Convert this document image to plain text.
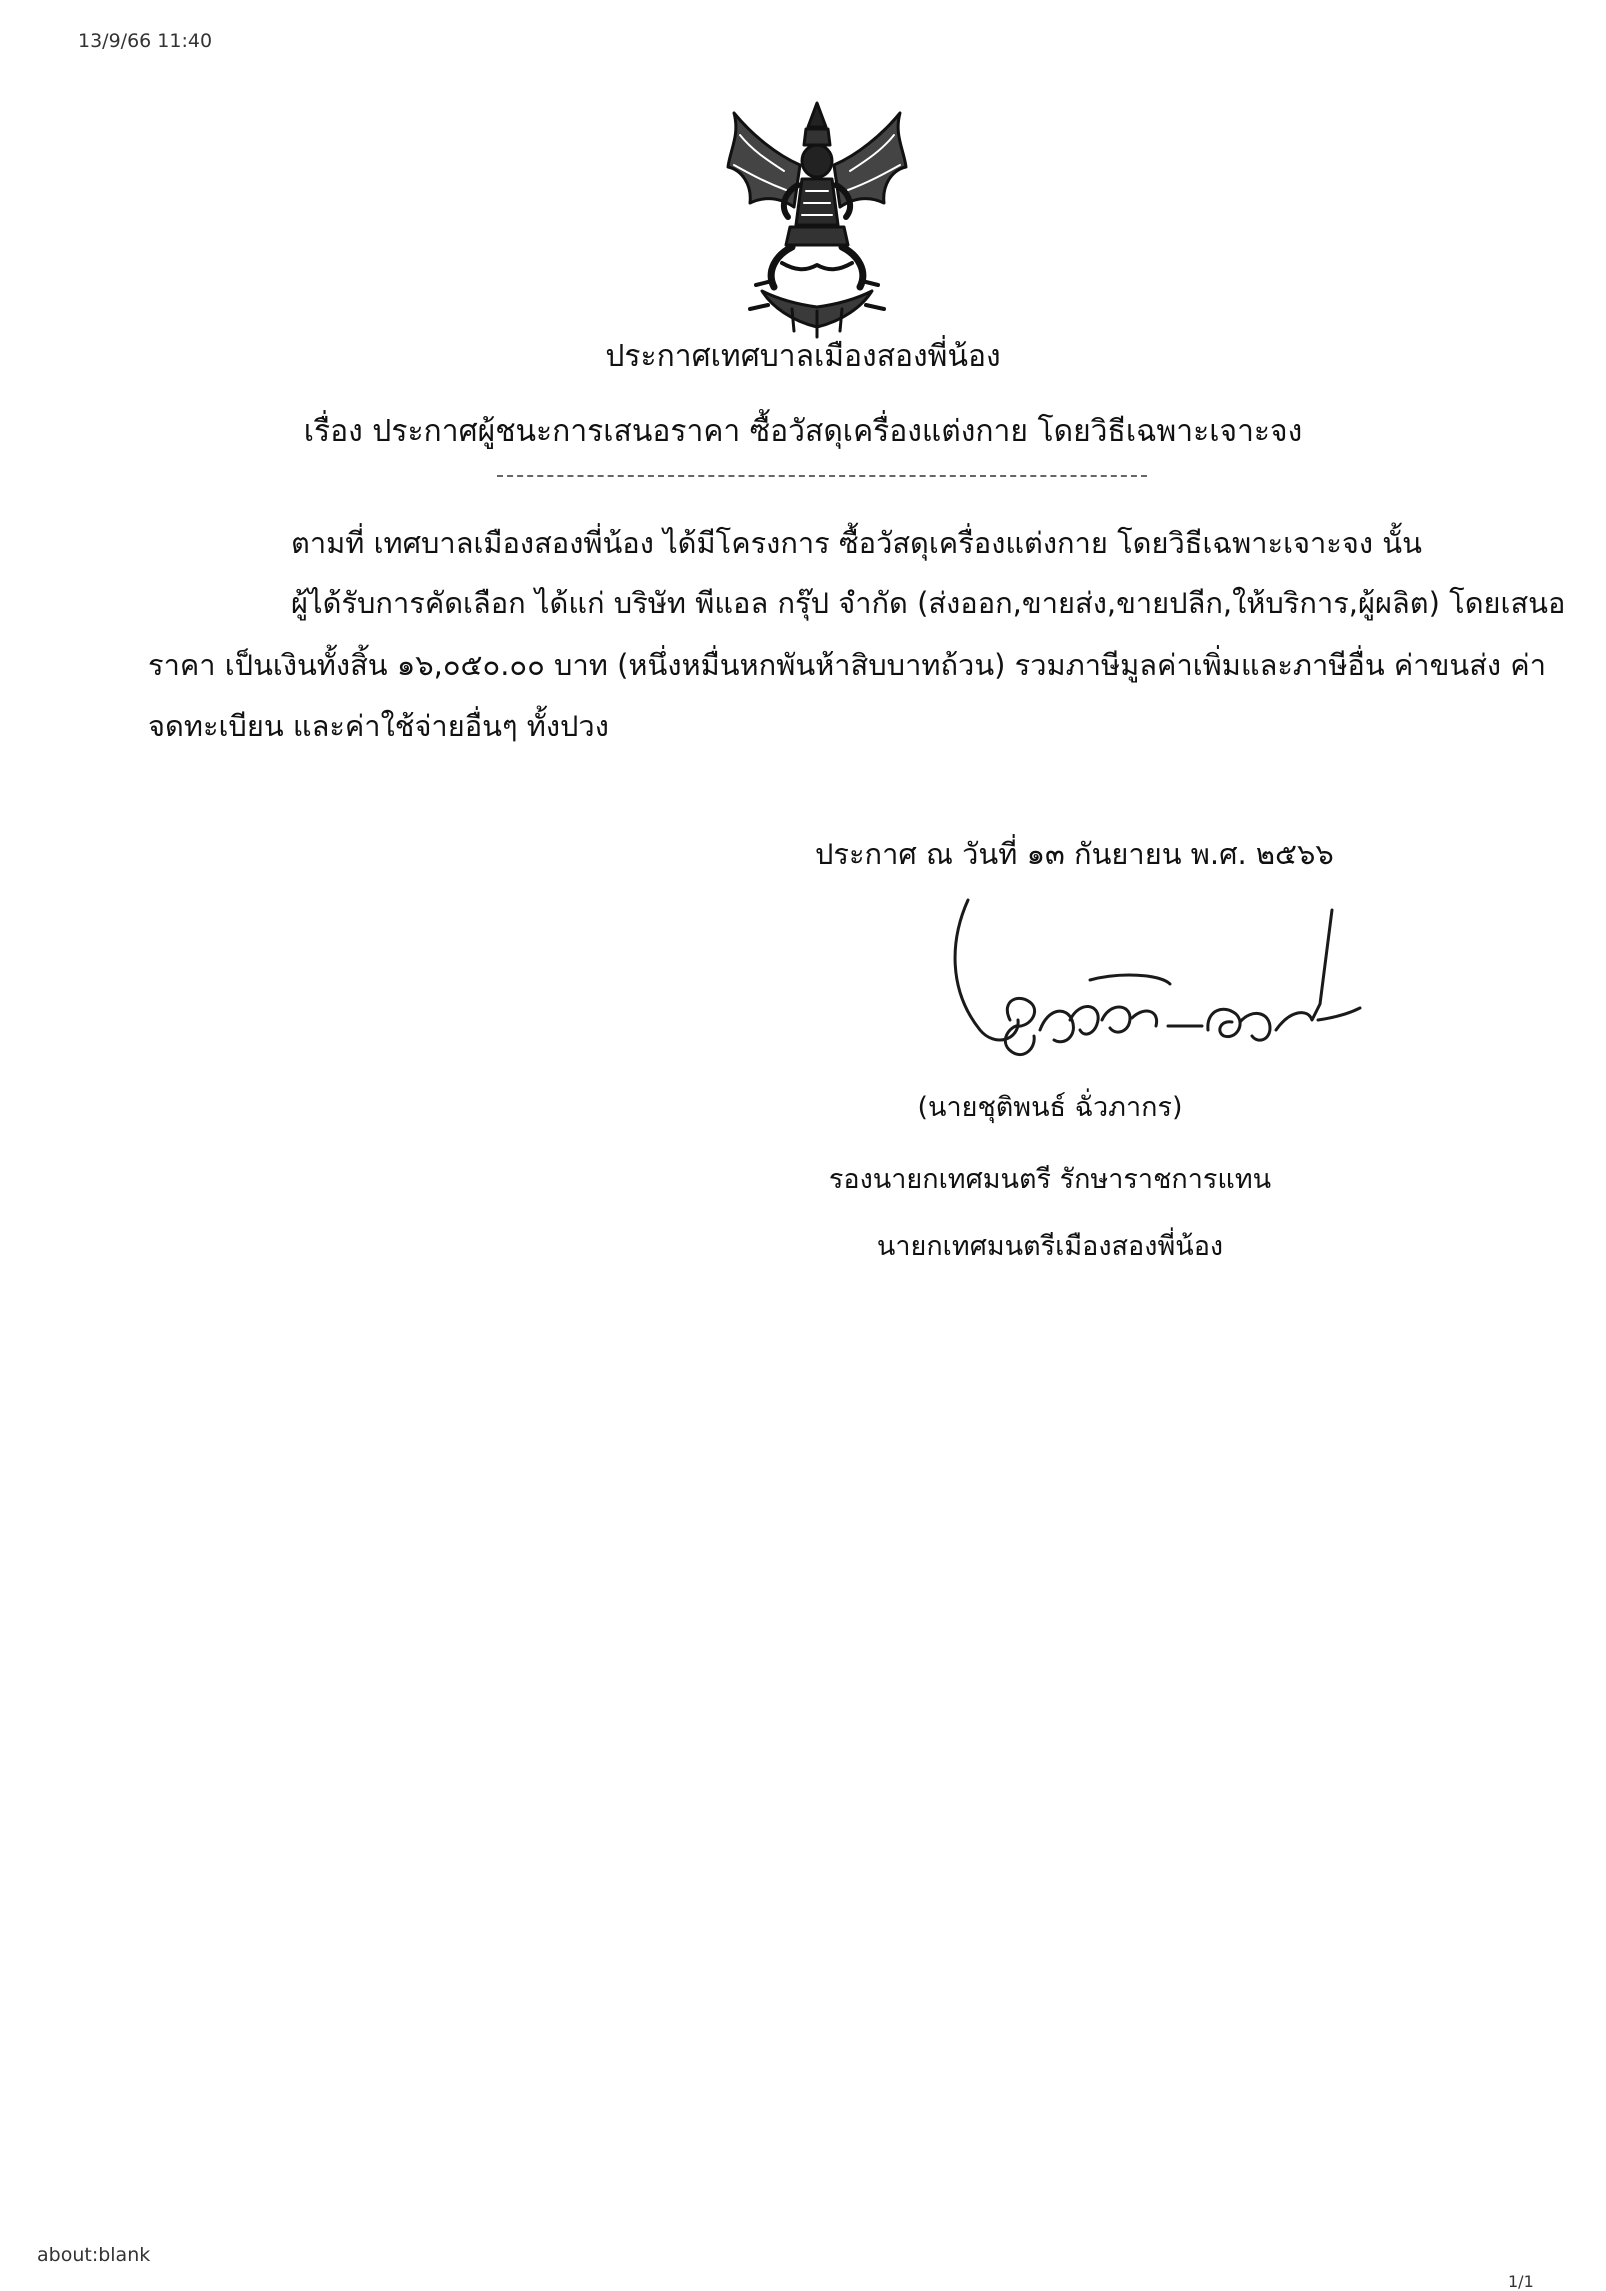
13/9/66 11:40
ประกาศเทศบาลเมืองสองพี่น้อง
เรื่อง ประกาศผู้ชนะการเสนอราคา ซื้อวัสดุเครื่องแต่งกาย โดยวิธีเฉพาะเจาะจง
ตามที่ เทศบาลเมืองสองพี่น้อง ได้มีโครงการ ซื้อวัสดุเครื่องแต่งกาย โดยวิธีเฉพาะเจาะจง นั้น
ผู้ได้รับการคัดเลือก ได้แก่ บริษัท พีแอล กรุ๊ป จำกัด (ส่งออก,ขายส่ง,ขายปลีก,ให้บริการ,ผู้ผลิต) โดยเสนอ
ราคา เป็นเงินทั้งสิ้น ๑๖,๐๕๐.๐๐ บาท (หนึ่งหมื่นหกพันห้าสิบบาทถ้วน) รวมภาษีมูลค่าเพิ่มและภาษีอื่น ค่าขนส่ง ค่า
จดทะเบียน และค่าใช้จ่ายอื่นๆ ทั้งปวง
ประกาศ ณ วันที่ ๑๓ กันยายน พ.ศ. ๒๕๖๖
(นายชุติพนธ์ ฉั่วภากร)
รองนายกเทศมนตรี รักษาราชการแทน
นายกเทศมนตรีเมืองสองพี่น้อง
about:blank
1/1
